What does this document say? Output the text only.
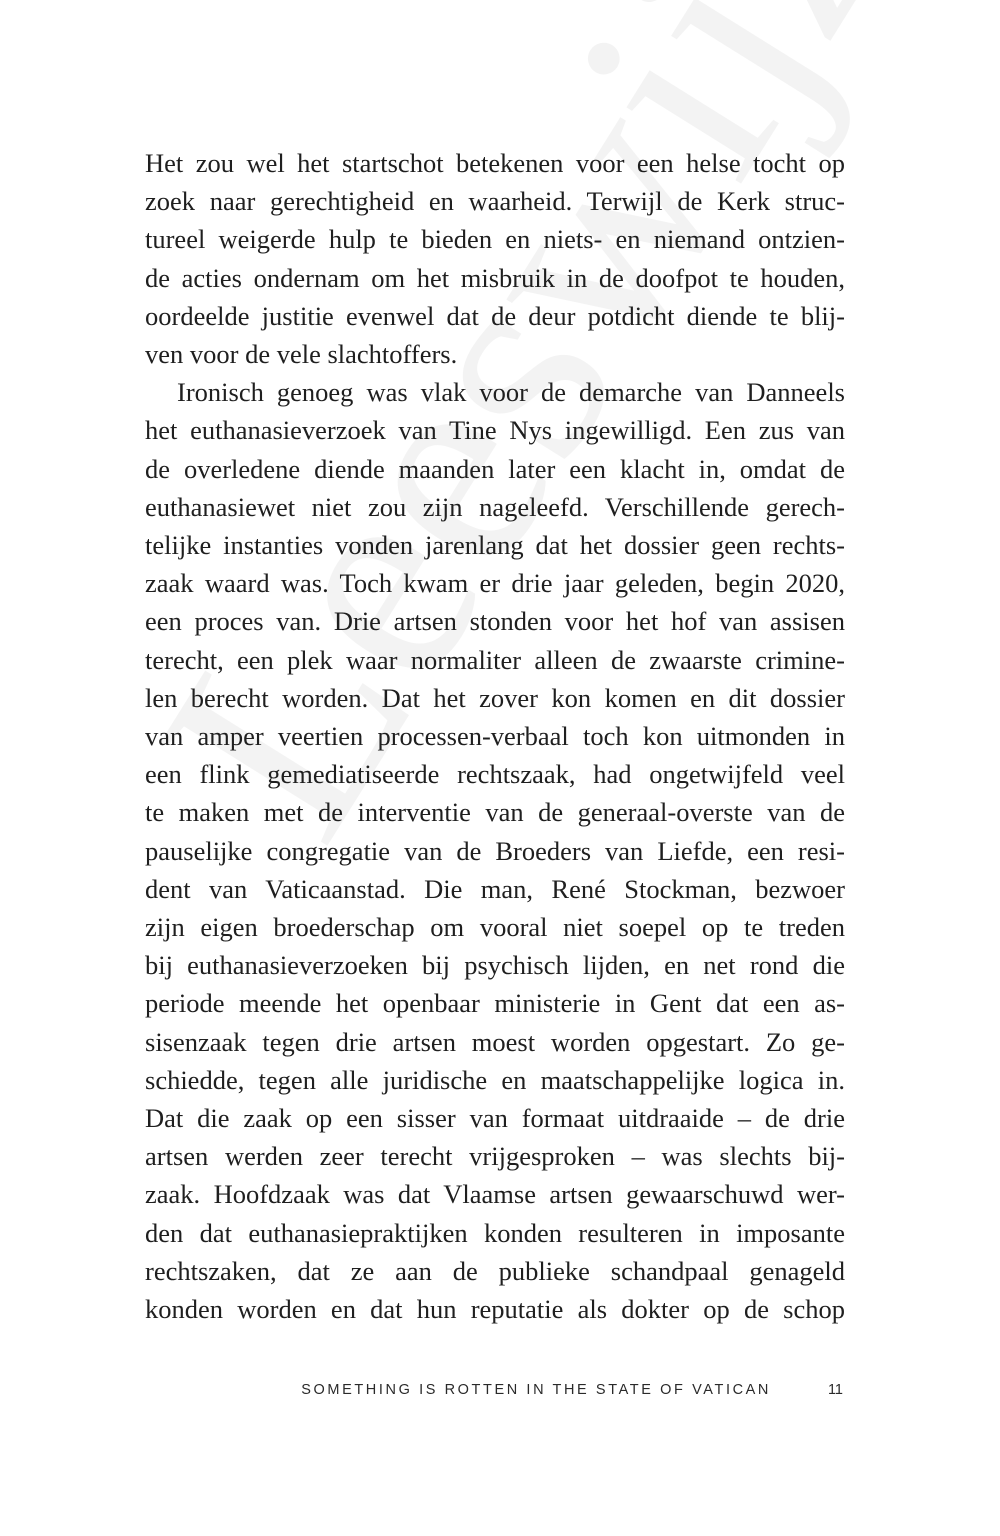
Het zou wel het startschot betekenen voor een helse tocht op
zoek naar gerechtigheid en waarheid. Terwijl de Kerk struc-
tureel weigerde hulp te bieden en niets- en niemand ontzien-
de acties ondernam om het misbruik in de doofpot te houden,
oordeelde justitie evenwel dat de deur potdicht diende te blij-
ven voor de vele slachtoffers.

Ironisch genoeg was vlak voor de demarche van Danneels
het euthanasieverzoek van Tine Nys ingewilligd. Een zus van
de overledene diende maanden later een klacht in, omdat de
euthanasiewet niet zou zijn nageleefd. Verschillende gerech-
telijke instanties vonden jarenlang dat het dossier geen rechts-
zaak waard was. Toch kwam er drie jaar geleden, begin 2020,
een proces van. Drie artsen stonden voor het hof van assisen
terecht, een plek waar normaliter alleen de zwaarste crimine-
len berecht worden. Dat het zover kon komen en dit dossier
van amper veertien processen-verbaal toch kon uitmonden in
een flink gemediatiseerde rechtszaak, had ongetwijfeld veel
te maken met de interventie van de generaal-overste van de
pauselijke congregatie van de Broeders van Liefde, een resi-
dent van Vaticaanstad. Die man, René Stockman, bezwoer
zijn eigen broederschap om vooral niet soepel op te treden
bij euthanasieverzoeken bij psychisch lijden, en net rond die
periode meende het openbaar ministerie in Gent dat een as-
sisenzaak tegen drie artsen moest worden opgestart. Zo ge-
schiedde, tegen alle juridische en maatschappelijke logica in.
Dat die zaak op een sisser van formaat uitdraaide – de drie
artsen werden zeer terecht vrijgesproken – was slechts bij-
zaak. Hoofdzaak was dat Vlaamse artsen gewaarschuwd wer-
den dat euthanasiepraktijken konden resulteren in imposante
rechtszaken, dat ze aan de publieke schandpaal genageld
konden worden en dat hun reputatie als dokter op de schop

SOMETHING IS ROTTEN IN THE STATE OF VATICAN	11
